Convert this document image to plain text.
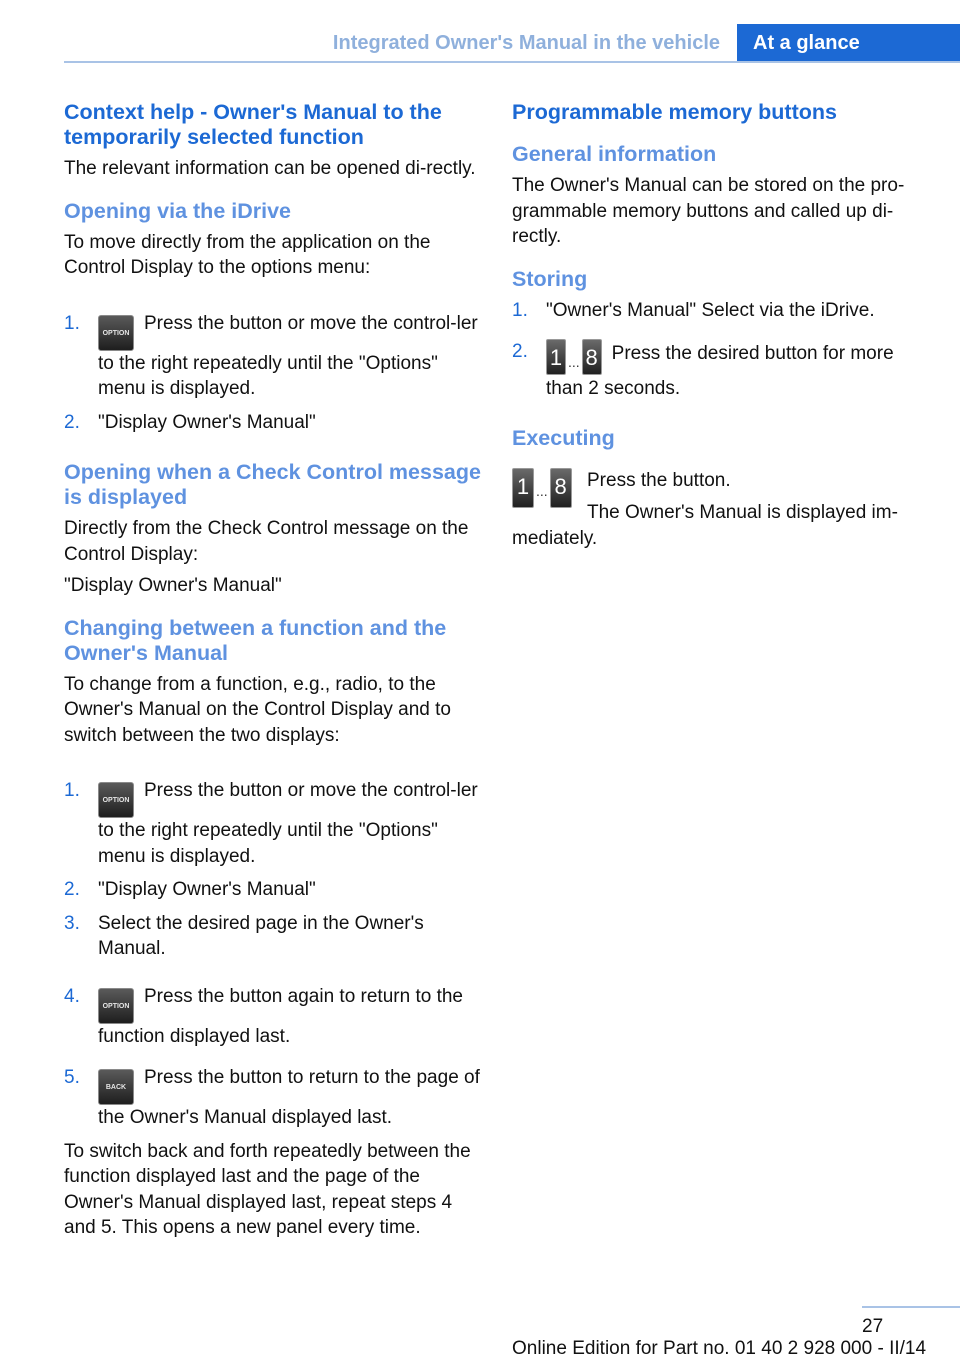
Integrated Owner's Manual in the vehicle	At a glance
Context help - Owner's Manual to the temporarily selected function

The relevant information can be opened di-rectly.

Opening via the iDrive

To move directly from the application on the Control Display to the options menu:

1.	OPTION Press the button or move the control-ler to the right repeatedly until the "Options" menu is displayed.
2. "Display Owner's Manual"
Opening when a Check Control message is displayed

Directly from the Check Control message on the Control Display:

"Display Owner's Manual"

Changing between a function and the Owner's Manual

To change from a function, e.g., radio, to the Owner's Manual on the Control Display and to switch between the two displays:

1.	OPTION Press the button or move the control-ler to the right repeatedly until the "Options" menu is displayed.
2. "Display Owner's Manual"
3. Select the desired page in the Owner's Manual.
4.	OPTION Press the button again to return to the function displayed last.
5.	BACK Press the button to return to the page of the Owner's Manual displayed last.

To switch back and forth repeatedly between the function displayed last and the page of the Owner's Manual displayed last, repeat steps 4 and 5. This opens a new panel every time.

Programmable memory buttons
General information

The Owner's Manual can be stored on the pro-grammable memory buttons and called up di-rectly.

Storing
1. "Owner's Manual" Select via the iDrive.
2. 1 ... 8 Press the desired button for more than 2 seconds.
Executing
1 ... 8 Press the button.

The Owner's Manual is displayed im-mediately.

27
Online Edition for Part no. 01 40 2 928 000 - II/14
